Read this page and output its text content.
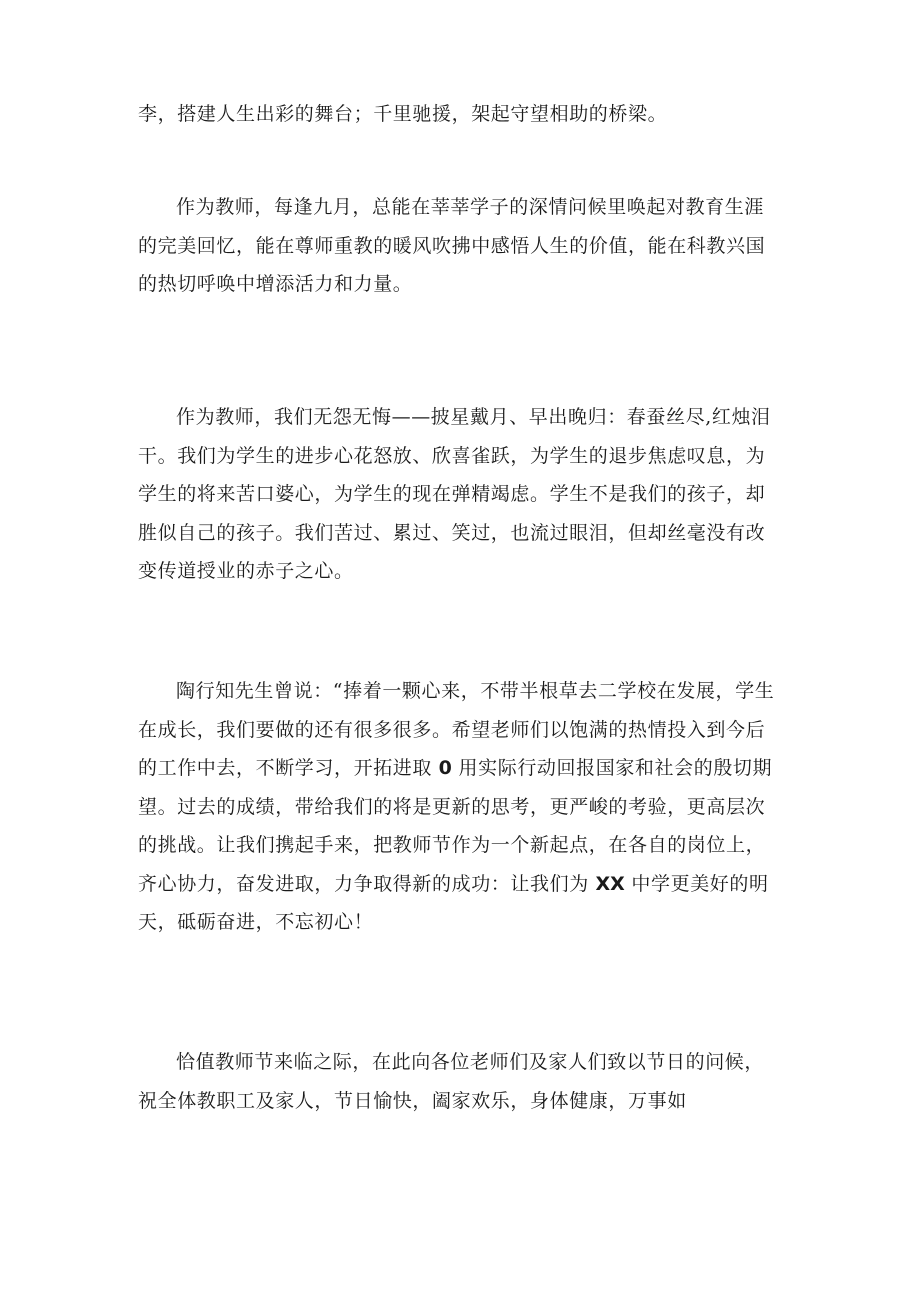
李，搭建人生出彩的舞台；千里驰援，架起守望相助的桥梁。

作为教师，每逢九月，总能在莘莘学子的深情问候里唤起对教育生涯
的完美回忆，能在尊师重教的暖风吹拂中感悟人生的价值，能在科教兴国
的热切呼唤中增添活力和力量。

作为教师，我们无怨无悔——披星戴月、早出晚归：春蚕丝尽,红烛泪
干。我们为学生的进步心花怒放、欣喜雀跃，为学生的退步焦虑叹息，为
学生的将来苦口婆心，为学生的现在弹精竭虑。学生不是我们的孩子，却
胜似自己的孩子。我们苦过、累过、笑过，也流过眼泪，但却丝毫没有改
变传道授业的赤子之心。

陶行知先生曾说：“捧着一颗心来，不带半根草去二学校在发展，学生
在成长，我们要做的还有很多很多。希望老师们以饱满的热情投入到今后
的工作中去，不断学习，开拓进取 0 用实际行动回报国家和社会的殷切期
望。过去的成绩，带给我们的将是更新的思考，更严峻的考验，更高层次
的挑战。让我们携起手来，把教师节作为一个新起点，在各自的岗位上，
齐心协力，奋发进取，力争取得新的成功：让我们为 XX 中学更美好的明
天，砥砺奋进，不忘初心！

恰值教师节来临之际，在此向各位老师们及家人们致以节日的问候，
祝全体教职工及家人，节日愉快，阖家欢乐，身体健康，万事如
